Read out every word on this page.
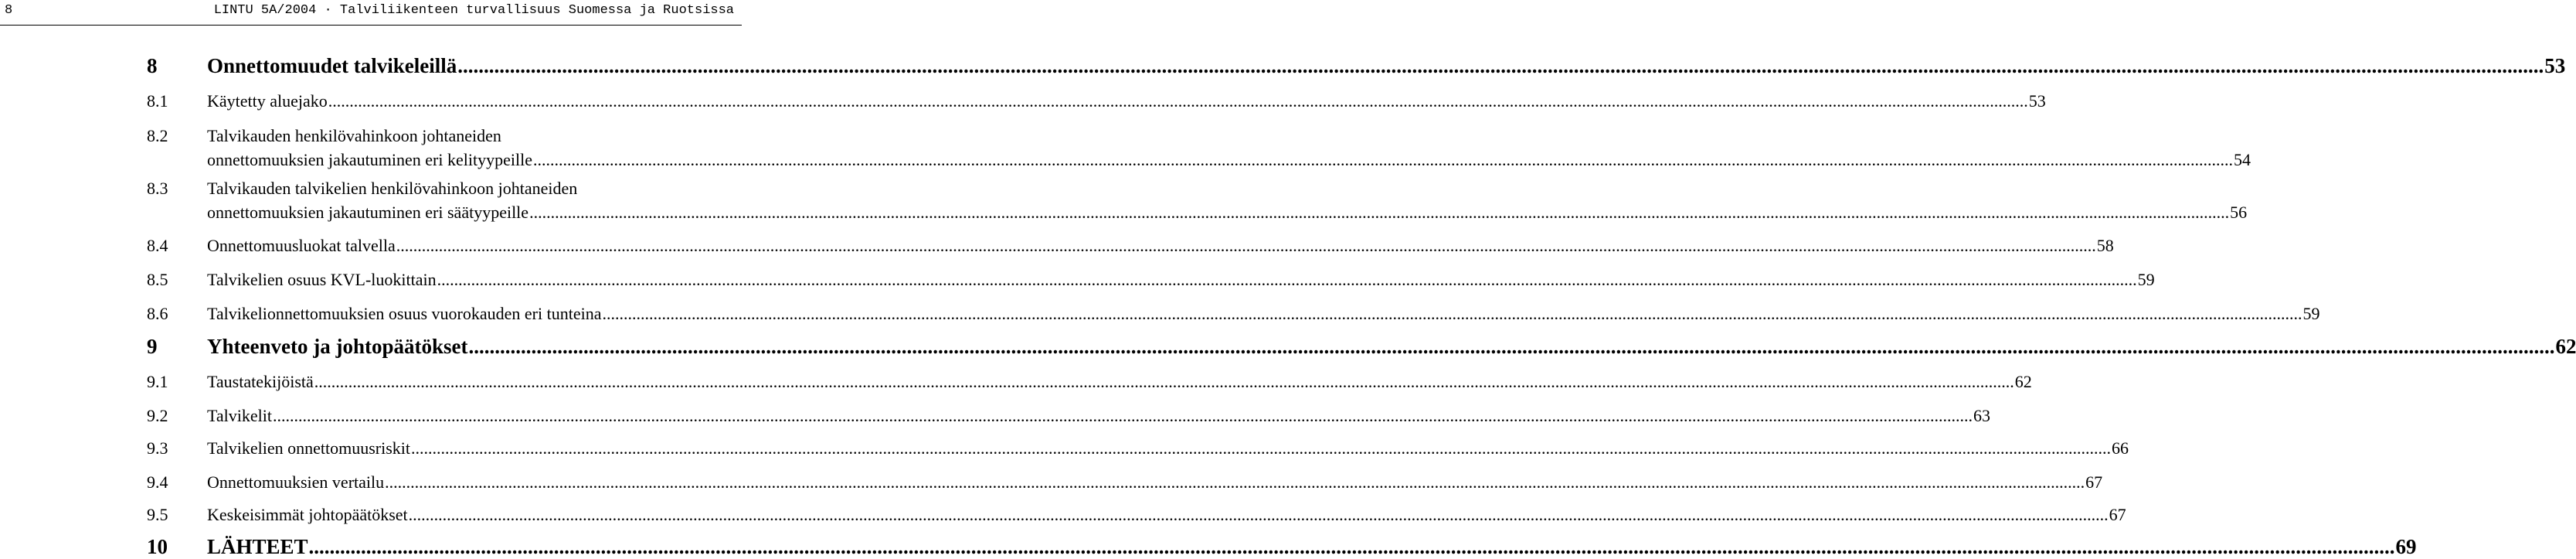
8	LINTU 5A/2004 · Talviliikenteen turvallisuus Suomessa ja Ruotsissa
8 Onnettomuudet talvikeleillä ................................................................................................................................................................................................................................................................................................................................................................................................................ 53
8.1 Käytetty aluejako ................................................................................................................................................................................................................................................................................................................................................................................................................ 53
8.2 Talvikauden henkilövahinkoon johtaneiden
onnettomuuksien jakautuminen eri kelityypeille ................................................................................................................................................................................................................................................................................................................................................................................................................ 54
8.3 Talvikauden talvikelien henkilövahinkoon johtaneiden
onnettomuuksien jakautuminen eri säätyypeille ................................................................................................................................................................................................................................................................................................................................................................................................................ 56
8.4 Onnettomuusluokat talvella ................................................................................................................................................................................................................................................................................................................................................................................................................ 58
8.5 Talvikelien osuus KVL-luokittain ................................................................................................................................................................................................................................................................................................................................................................................................................ 59
8.6 Talvikelionnettomuuksien osuus vuorokauden eri tunteina ................................................................................................................................................................................................................................................................................................................................................................................................................ 59
9 Yhteenveto ja johtopäätökset ................................................................................................................................................................................................................................................................................................................................................................................................................ 62
9.1 Taustatekijöistä ................................................................................................................................................................................................................................................................................................................................................................................................................ 62
9.2 Talvikelit ................................................................................................................................................................................................................................................................................................................................................................................................................ 63
9.3 Talvikelien onnettomuusriskit ................................................................................................................................................................................................................................................................................................................................................................................................................ 66
9.4 Onnettomuuksien vertailu ................................................................................................................................................................................................................................................................................................................................................................................................................ 67
9.5 Keskeisimmät johtopäätökset ................................................................................................................................................................................................................................................................................................................................................................................................................ 67
10 LÄHTEET ................................................................................................................................................................................................................................................................................................................................................................................................................ 69
